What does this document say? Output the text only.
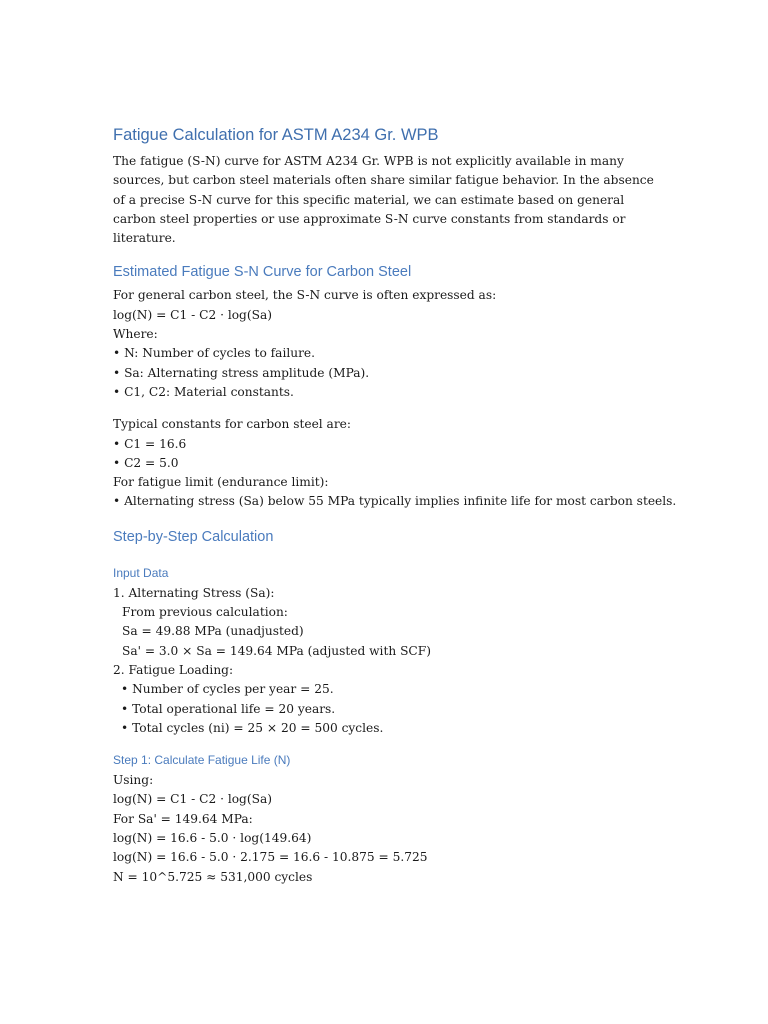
Fatigue Calculation for ASTM A234 Gr. WPB

The fatigue (S-N) curve for ASTM A234 Gr. WPB is not explicitly available in many sources, but carbon steel materials often share similar fatigue behavior. In the absence of a precise S-N curve for this specific material, we can estimate based on general carbon steel properties or use approximate S-N curve constants from standards or literature.

Estimated Fatigue S-N Curve for Carbon Steel
For general carbon steel, the S-N curve is often expressed as:
log(N) = C1 - C2 · log(Sa)
Where:
• N: Number of cycles to failure.
• Sa: Alternating stress amplitude (MPa).
• C1, C2: Material constants.
Typical constants for carbon steel are:
• C1 = 16.6
• C2 = 5.0
For fatigue limit (endurance limit):
• Alternating stress (Sa) below 55 MPa typically implies infinite life for most carbon steels.
Step-by-Step Calculation
Input Data
1. Alternating Stress (Sa):
From previous calculation:
Sa = 49.88 MPa (unadjusted)
Sa' = 3.0 × Sa = 149.64 MPa (adjusted with SCF)
2. Fatigue Loading:
• Number of cycles per year = 25.
• Total operational life = 20 years.
• Total cycles (ni) = 25 × 20 = 500 cycles.
Step 1: Calculate Fatigue Life (N)
Using:
log(N) = C1 - C2 · log(Sa)
For Sa' = 149.64 MPa:
log(N) = 16.6 - 5.0 · log(149.64)
log(N) = 16.6 - 5.0 · 2.175 = 16.6 - 10.875 = 5.725
N = 10^5.725 ≈ 531,000 cycles
